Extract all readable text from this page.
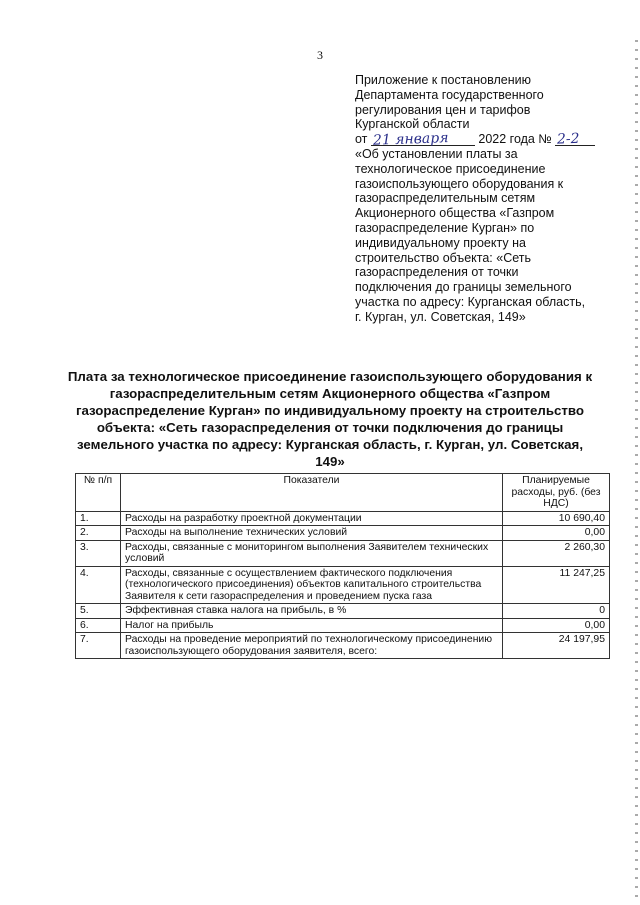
3
Приложение к постановлению
Департамента государственного
регулирования цен и тарифов
Курганской области
от 21 января 2022 года № 2-2
«Об установлении платы за
технологическое присоединение
газоиспользующего оборудования к
газораспределительным сетям
Акционерного общества «Газпром
газораспределение Курган» по
индивидуальному проекту на
строительство объекта: «Сеть
газораспределения от точки
подключения до границы земельного
участка по адресу: Курганская область,
г. Курган, ул. Советская, 149»
Плата за технологическое присоединение газоиспользующего оборудования к
газораспределительным сетям Акционерного общества «Газпром
газораспределение Курган» по индивидуальному проекту на строительство
объекта: «Сеть газораспределения от точки подключения до границы
земельного участка по адресу: Курганская область, г. Курган, ул. Советская, 149»
№ п/п	Показатели	Планируемые расходы, руб. (без НДС)
1.	Расходы на разработку проектной документации	10 690,40
2.	Расходы на выполнение технических условий	0,00
3.	Расходы, связанные с мониторингом выполнения Заявителем технических условий	2 260,30
4.	Расходы, связанные с осуществлением фактического подключения (технологического присоединения) объектов капитального строительства Заявителя к сети газораспределения и проведением пуска газа	11 247,25
5.	Эффективная ставка налога на прибыль, в %	0
6.	Налог на прибыль	0,00
7.	Расходы на проведение мероприятий по технологическому присоединению газоиспользующего оборудования заявителя, всего:	24 197,95
